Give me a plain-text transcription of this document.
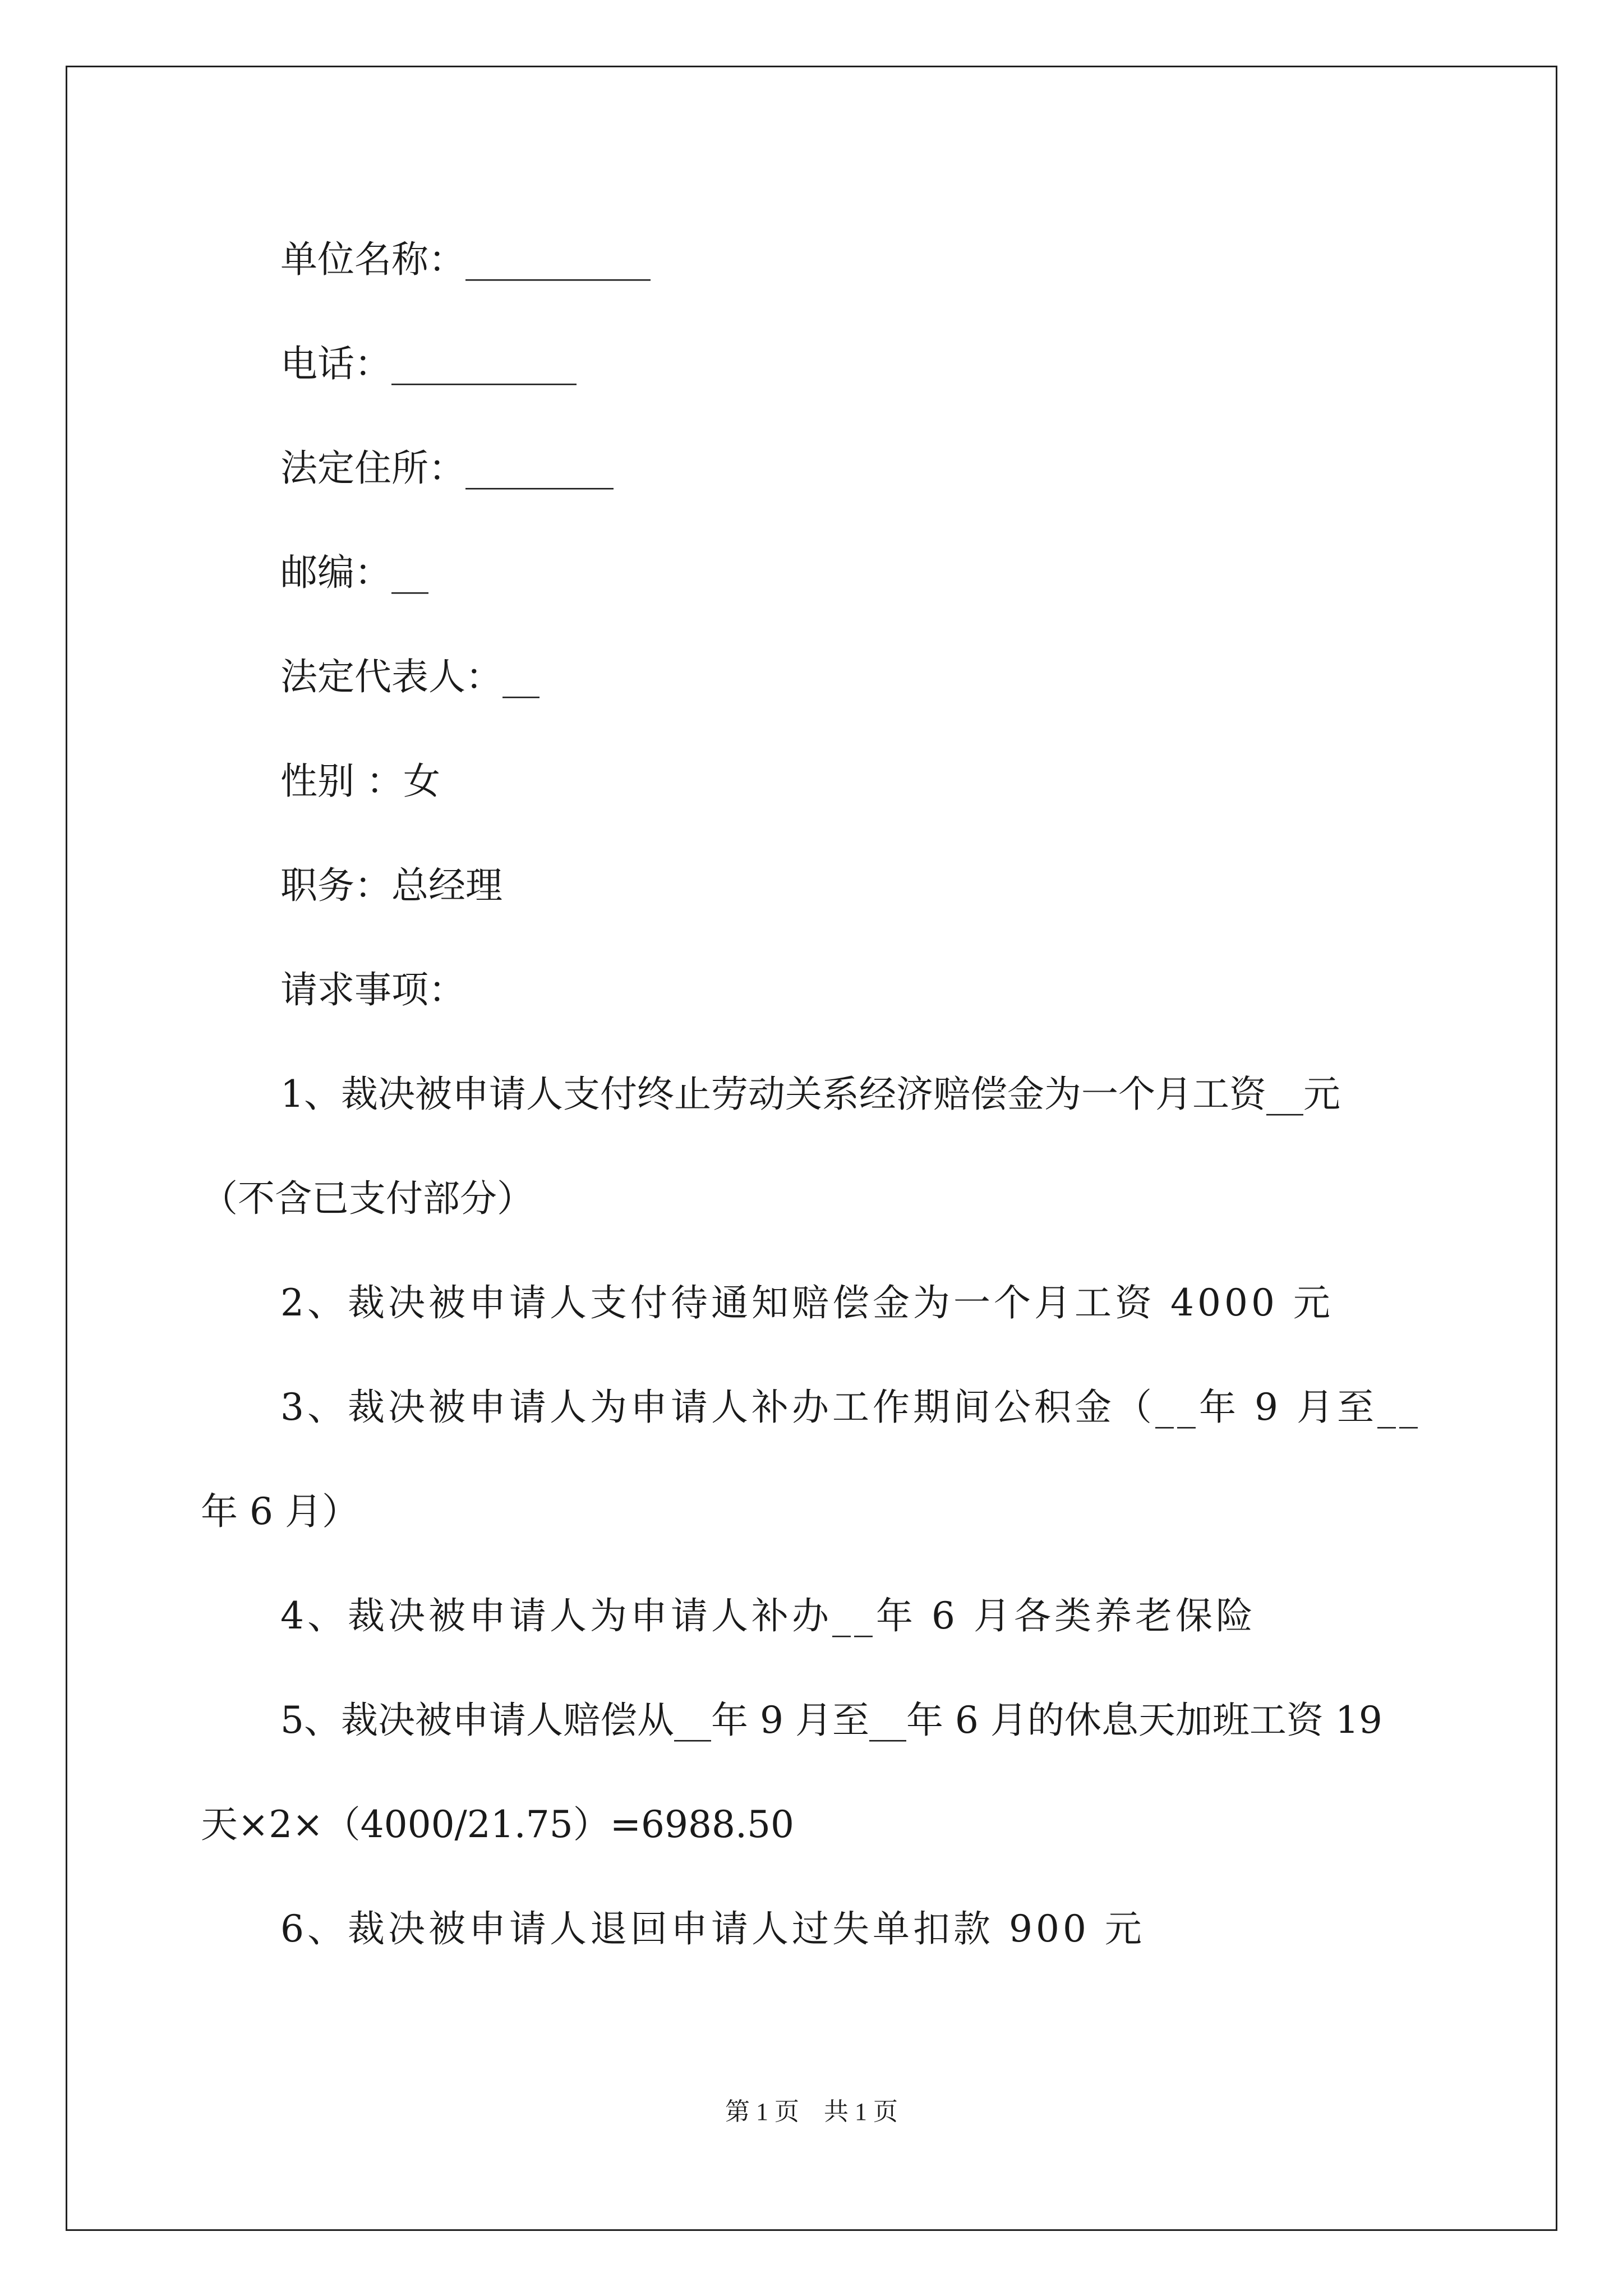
单位名称：__________
电话：__________
法定住所：________
邮编：__
法定代表人：__
性别 ：女
职务：总经理
请求事项：
1、裁决被申请人支付终止劳动关系经济赔偿金为一个月工资__元
（不含已支付部分）
2、裁决被申请人支付待通知赔偿金为一个月工资 4000 元
3、裁决被申请人为申请人补办工作期间公积金（__年 9 月至__
年 6 月）
4、裁决被申请人为申请人补办__年 6 月各类养老保险
5、裁决被申请人赔偿从__年 9 月至__年 6 月的休息天加班工资 19
天×2×（4000/21.75）=6988.50
6、裁决被申请人退回申请人过失单扣款 900 元
第 1 页 共 1 页
